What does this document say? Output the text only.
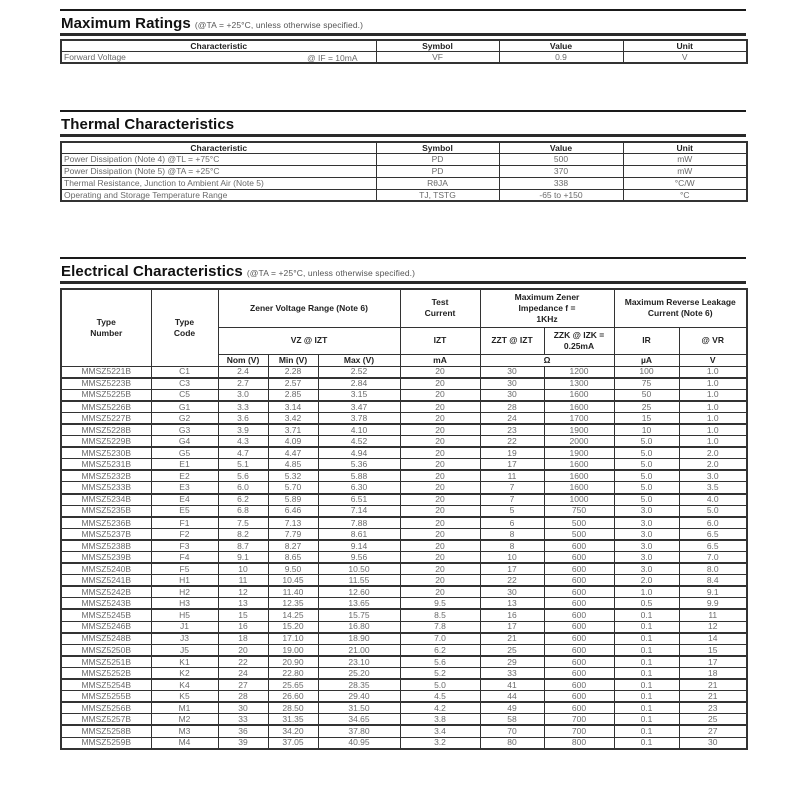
Maximum Ratings (@TA = +25°C, unless otherwise specified.)
Characteristic	Symbol	Value	Unit
Forward Voltage @ IF = 10mA	VF	0.9	V
Thermal Characteristics
Characteristic	Symbol	Value	Unit
Power Dissipation (Note 4) @TL = +75°C	PD	500	mW
Power Dissipation (Note 5) @TA = +25°C	PD	370	mW
Thermal Resistance, Junction to Ambient Air (Note 5)	RθJA	338	°C/W
Operating and Storage Temperature Range	TJ, TSTG	-65 to +150	°C
Electrical Characteristics (@TA = +25°C, unless otherwise specified.)
Type Number	Type Code	Zener Voltage Range (Note 6)			Test Current	Maximum Zener Impedance f = 1KHz		Maximum Reverse Leakage Current (Note 6)	
		VZ @ IZT			IZT	ZZT @ IZT	ZZK @ IZK = 0.25mA	IR	@ VR
		Nom (V)	Min (V)	Max (V)	mA	Ω		µA	V
MMSZ5221B	C1	2.4	2.28	2.52	20	30	1200	100	1.0
MMSZ5223B	C3	2.7	2.57	2.84	20	30	1300	75	1.0
MMSZ5225B	C5	3.0	2.85	3.15	20	30	1600	50	1.0
MMSZ5226B	G1	3.3	3.14	3.47	20	28	1600	25	1.0
MMSZ5227B	G2	3.6	3.42	3.78	20	24	1700	15	1.0
MMSZ5228B	G3	3.9	3.71	4.10	20	23	1900	10	1.0
MMSZ5229B	G4	4.3	4.09	4.52	20	22	2000	5.0	1.0
MMSZ5230B	G5	4.7	4.47	4.94	20	19	1900	5.0	2.0
MMSZ5231B	E1	5.1	4.85	5.36	20	17	1600	5.0	2.0
MMSZ5232B	E2	5.6	5.32	5.88	20	11	1600	5.0	3.0
MMSZ5233B	E3	6.0	5.70	6.30	20	7	1600	5.0	3.5
MMSZ5234B	E4	6.2	5.89	6.51	20	7	1000	5.0	4.0
MMSZ5235B	E5	6.8	6.46	7.14	20	5	750	3.0	5.0
MMSZ5236B	F1	7.5	7.13	7.88	20	6	500	3.0	6.0
MMSZ5237B	F2	8.2	7.79	8.61	20	8	500	3.0	6.5
MMSZ5238B	F3	8.7	8.27	9.14	20	8	600	3.0	6.5
MMSZ5239B	F4	9.1	8.65	9.56	20	10	600	3.0	7.0
MMSZ5240B	F5	10	9.50	10.50	20	17	600	3.0	8.0
MMSZ5241B	H1	11	10.45	11.55	20	22	600	2.0	8.4
MMSZ5242B	H2	12	11.40	12.60	20	30	600	1.0	9.1
MMSZ5243B	H3	13	12.35	13.65	9.5	13	600	0.5	9.9
MMSZ5245B	H5	15	14.25	15.75	8.5	16	600	0.1	11
MMSZ5246B	J1	16	15.20	16.80	7.8	17	600	0.1	12
MMSZ5248B	J3	18	17.10	18.90	7.0	21	600	0.1	14
MMSZ5250B	J5	20	19.00	21.00	6.2	25	600	0.1	15
MMSZ5251B	K1	22	20.90	23.10	5.6	29	600	0.1	17
MMSZ5252B	K2	24	22.80	25.20	5.2	33	600	0.1	18
MMSZ5254B	K4	27	25.65	28.35	5.0	41	600	0.1	21
MMSZ5255B	K5	28	26.60	29.40	4.5	44	600	0.1	21
MMSZ5256B	M1	30	28.50	31.50	4.2	49	600	0.1	23
MMSZ5257B	M2	33	31.35	34.65	3.8	58	700	0.1	25
MMSZ5258B	M3	36	34.20	37.80	3.4	70	700	0.1	27
MMSZ5259B	M4	39	37.05	40.95	3.2	80	800	0.1	30
